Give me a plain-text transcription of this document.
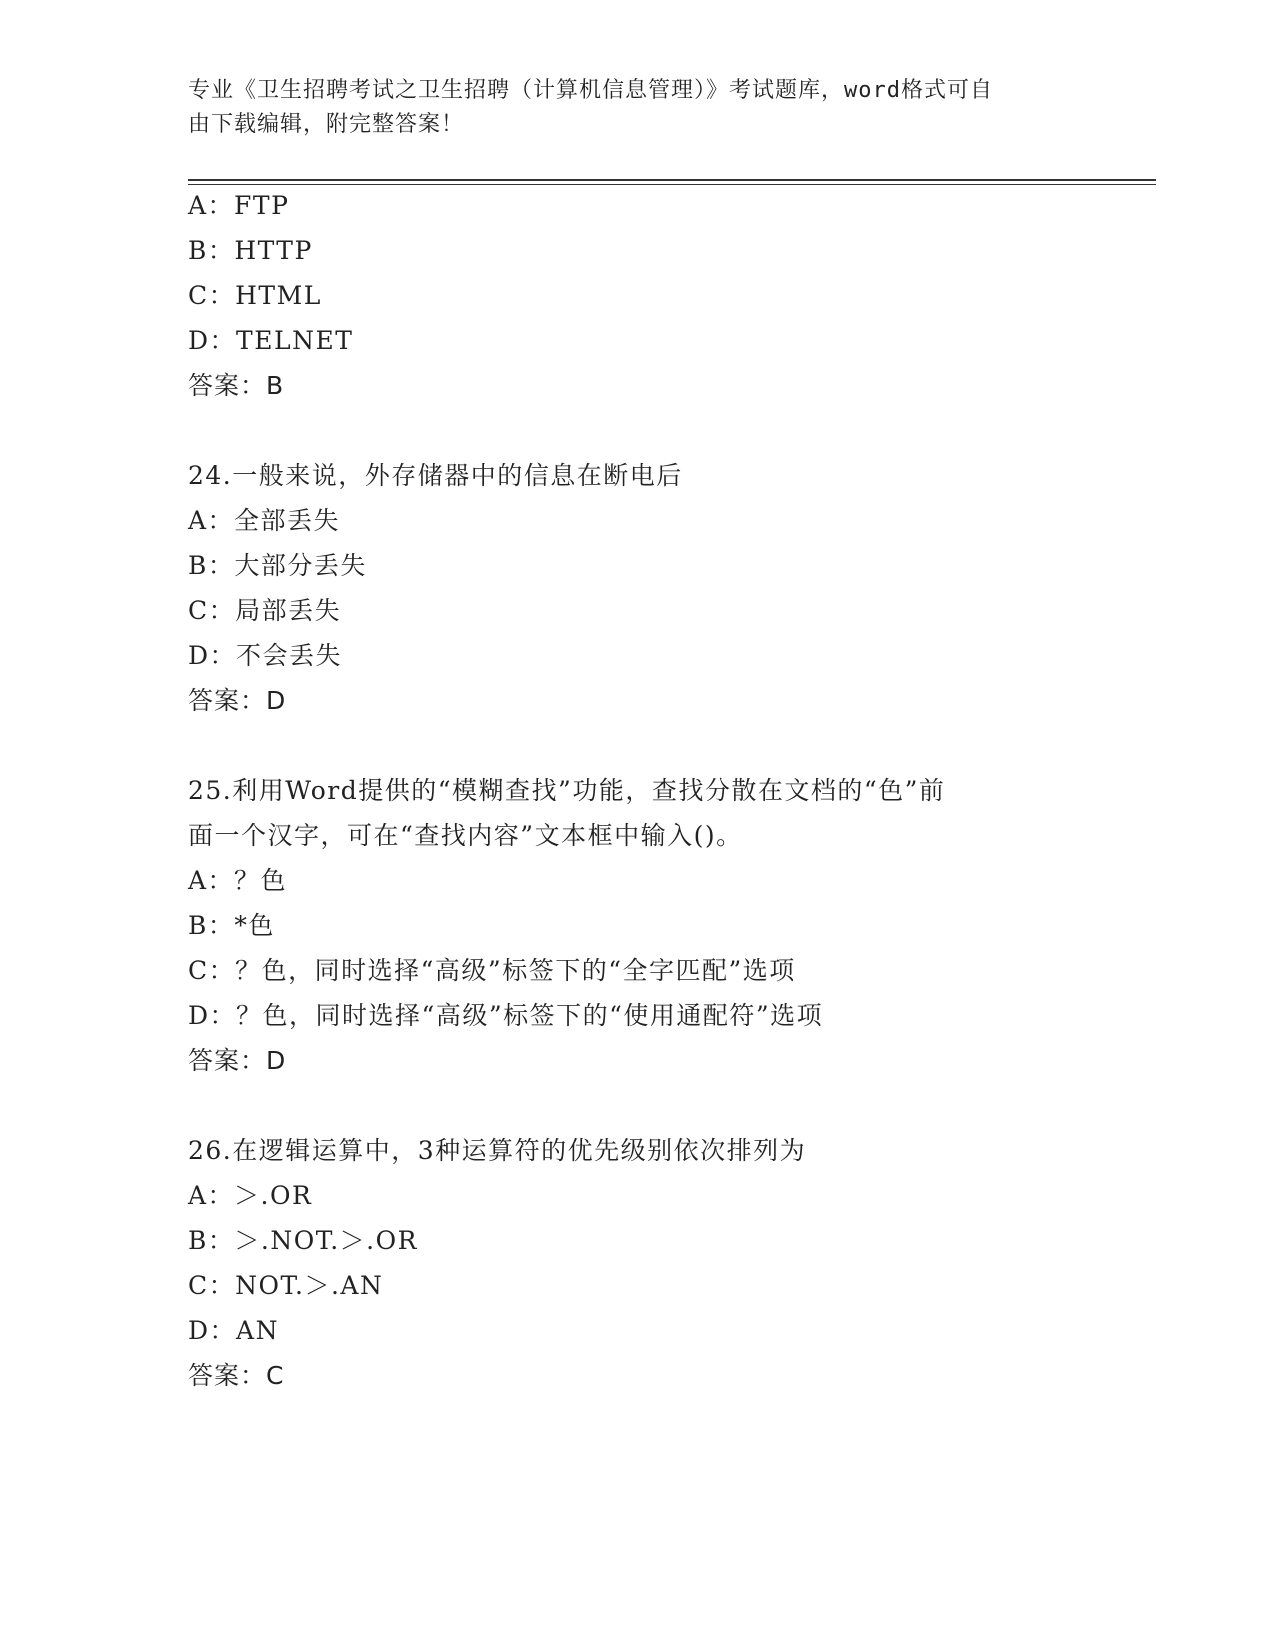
专业《卫生招聘考试之卫生招聘（计算机信息管理）》考试题库，word格式可自
由下载编辑，附完整答案！
A：FTP
B：HTTP
C：HTML
D：TELNET
答案：B
24.一般来说，外存储器中的信息在断电后
A：全部丢失
B：大部分丢失
C：局部丢失
D：不会丢失
答案：D
25.利用Word提供的“模糊查找”功能，查找分散在文档的“色”前
面一个汉字，可在“查找内容”文本框中输入()。
A：？色
B：*色
C：？色，同时选择“高级”标签下的“全字匹配”选项
D：？色，同时选择“高级”标签下的“使用通配符”选项
答案：D
26.在逻辑运算中，3种运算符的优先级别依次排列为
A：＞.OR
B：＞.NOT.＞.OR
C：NOT.＞.AN
D：AN
答案：C
